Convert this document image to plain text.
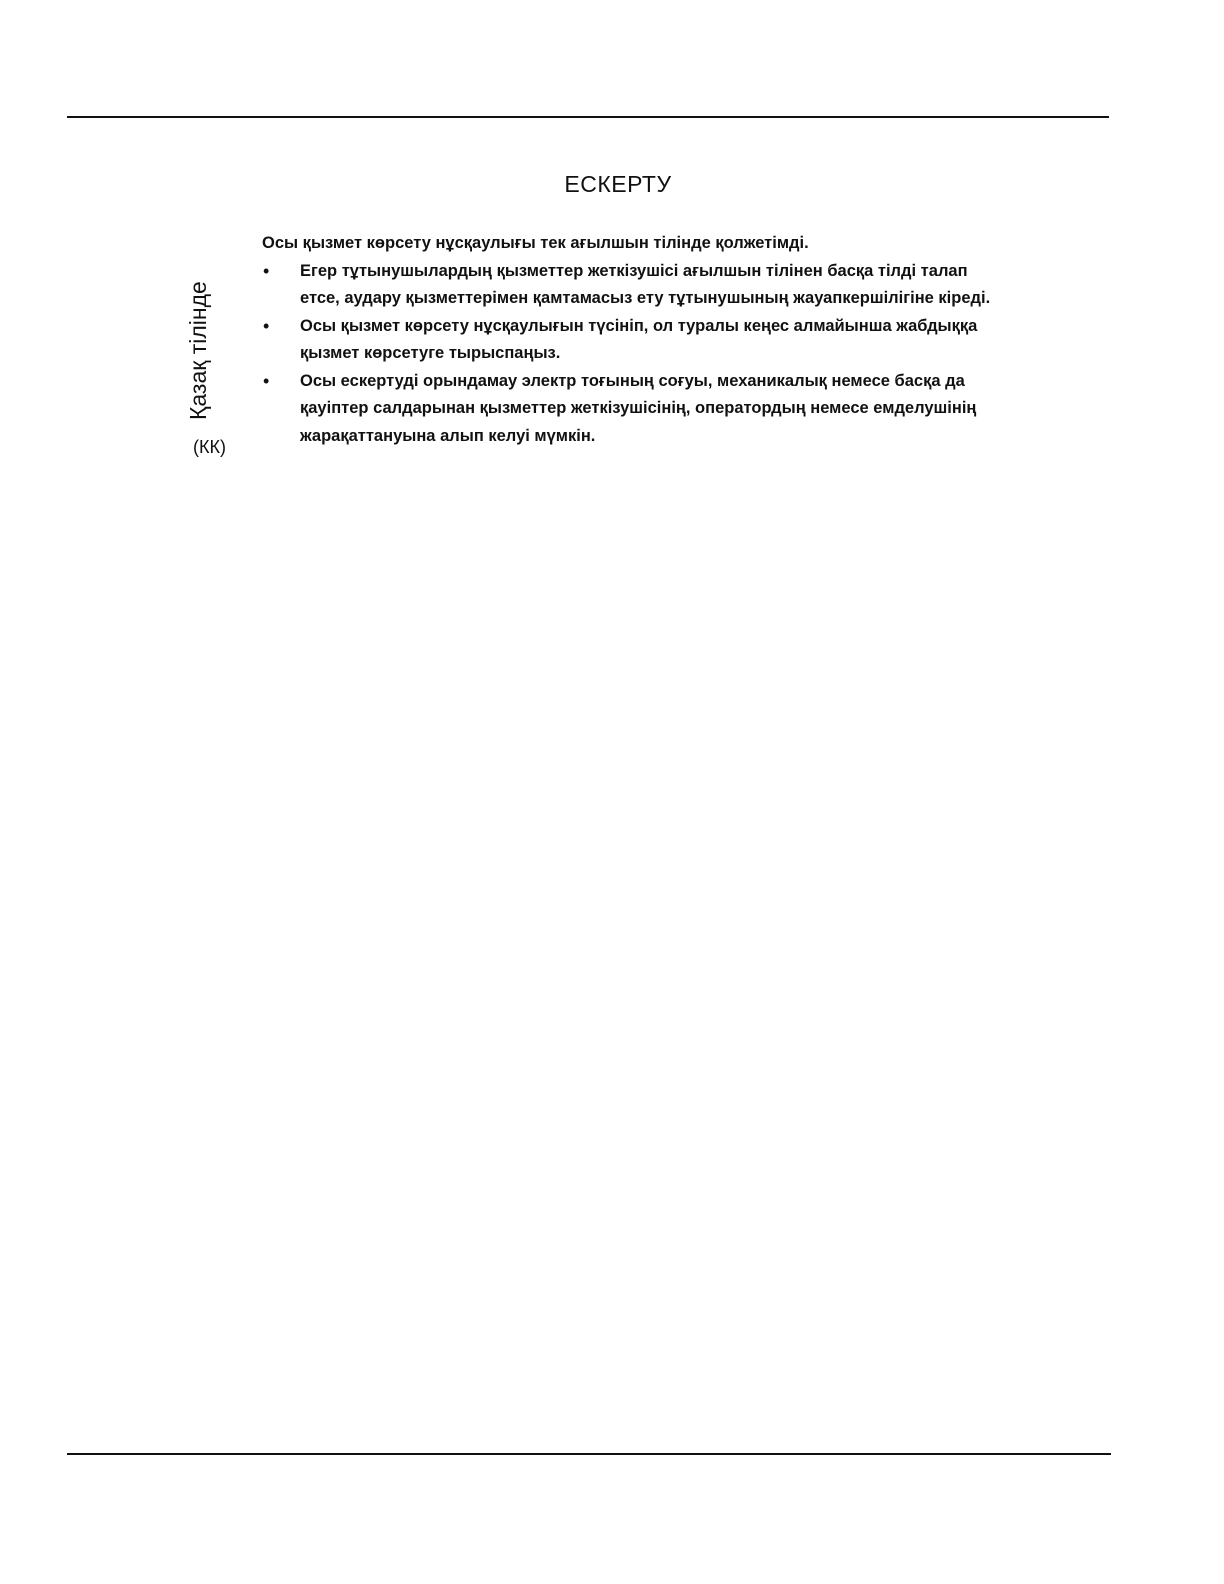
Қазақ тілінде
(КК)
ЕСКЕРТУ

Осы қызмет көрсету нұсқаулығы тек ағылшын тілінде қолжетімді.

• Егер тұтынушылардың қызметтер жеткізушісі ағылшын тілінен басқа тілді талап етсе, аудару қызметтерімен қамтамасыз ету тұтынушының жауапкершілігіне кіреді.
• Осы қызмет көрсету нұсқаулығын түсініп, ол туралы кеңес алмайынша жабдыққа қызмет көрсетуге тырыспаңыз.
• Осы ескертуді орындамау электр тоғының соғуы, механикалық немесе басқа да қауіптер салдарынан қызметтер жеткізушісінің, оператордың немесе емделушінің жарақаттануына алып келуі мүмкін.
